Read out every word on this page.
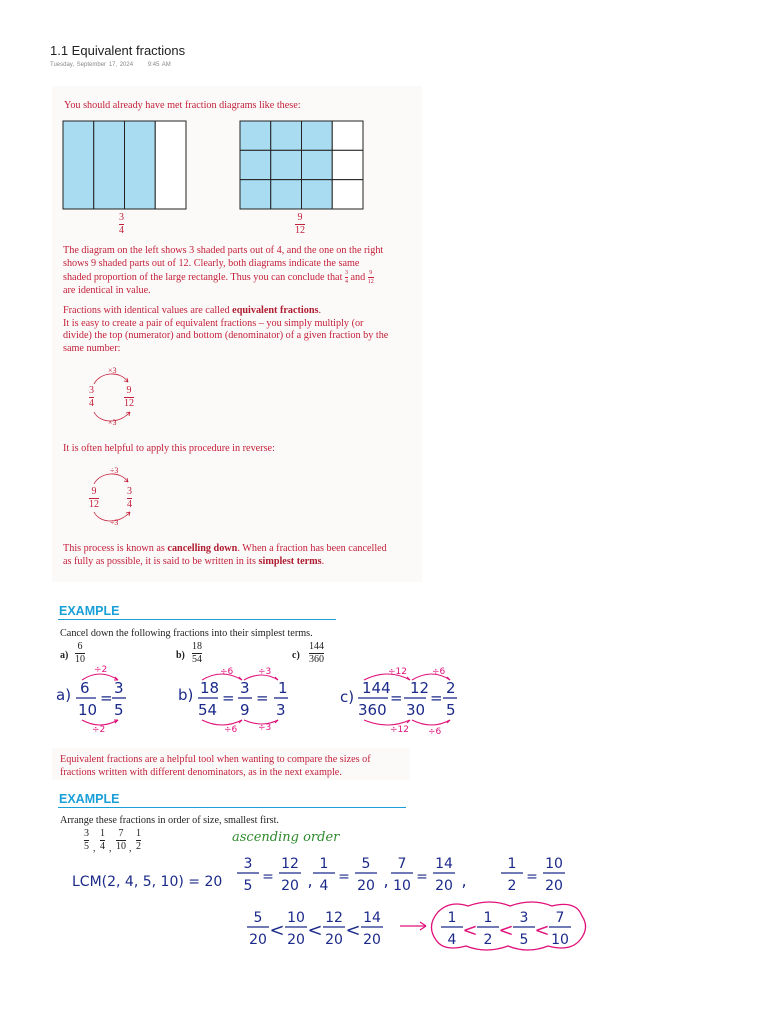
1.1 Equivalent fractions
Tuesday, September 17, 2024 9:45 AM
You should already have met fraction diagrams like these:
3
4
9
12
The diagram on the left shows 3 shaded parts out of 4, and the one on the right
shows 9 shaded parts out of 12. Clearly, both diagrams indicate the same
shaded proportion of the large rectangle. Thus you can conclude that $\frac{3}{4}$ and $\frac{9}{12}$
are identical in value.
Fractions with identical values are called equivalent fractions.
It is easy to create a pair of equivalent fractions – you simply multiply (or
divide) the top (numerator) and bottom (denominator) of a given fraction by the
same number:
×3
×3
3
4
9
12
It is often helpful to apply this procedure in reverse:
÷3
÷3
9
12
3
4
This process is known as cancelling down. When a fraction has been cancelled
as fully as possible, it is said to be written in its simplest terms.
EXAMPLE
Cancel down the following fractions into their simplest terms.
a)
6
10	b)
18
54	c)
144
360
a) 6
10
=
3
5
b) 18
54
=
3
9
=
1
3
c) 144
360
=
12
30
=
2
5
÷2
÷2
÷6
÷6
÷3
÷3
÷12
÷12
÷6
÷6
Equivalent fractions are a helpful tool when wanting to compare the sizes of
fractions written with different denominators, as in the next example.
EXAMPLE
Arrange these fractions in order of size, smallest first.
3
5 ,
1
4 ,
7
10 ,
1
2
ascending order
LCM(2, 4, 5, 10) = 20
3
5
=
12
20 ,
1
4
=
5
20 ,
7
10
=
14
20 ,
1
2
=
10
20
5
20 <
10
20 <
12
20 <
14
20
1
4 <
1
2 <
3
5 <
7
10
